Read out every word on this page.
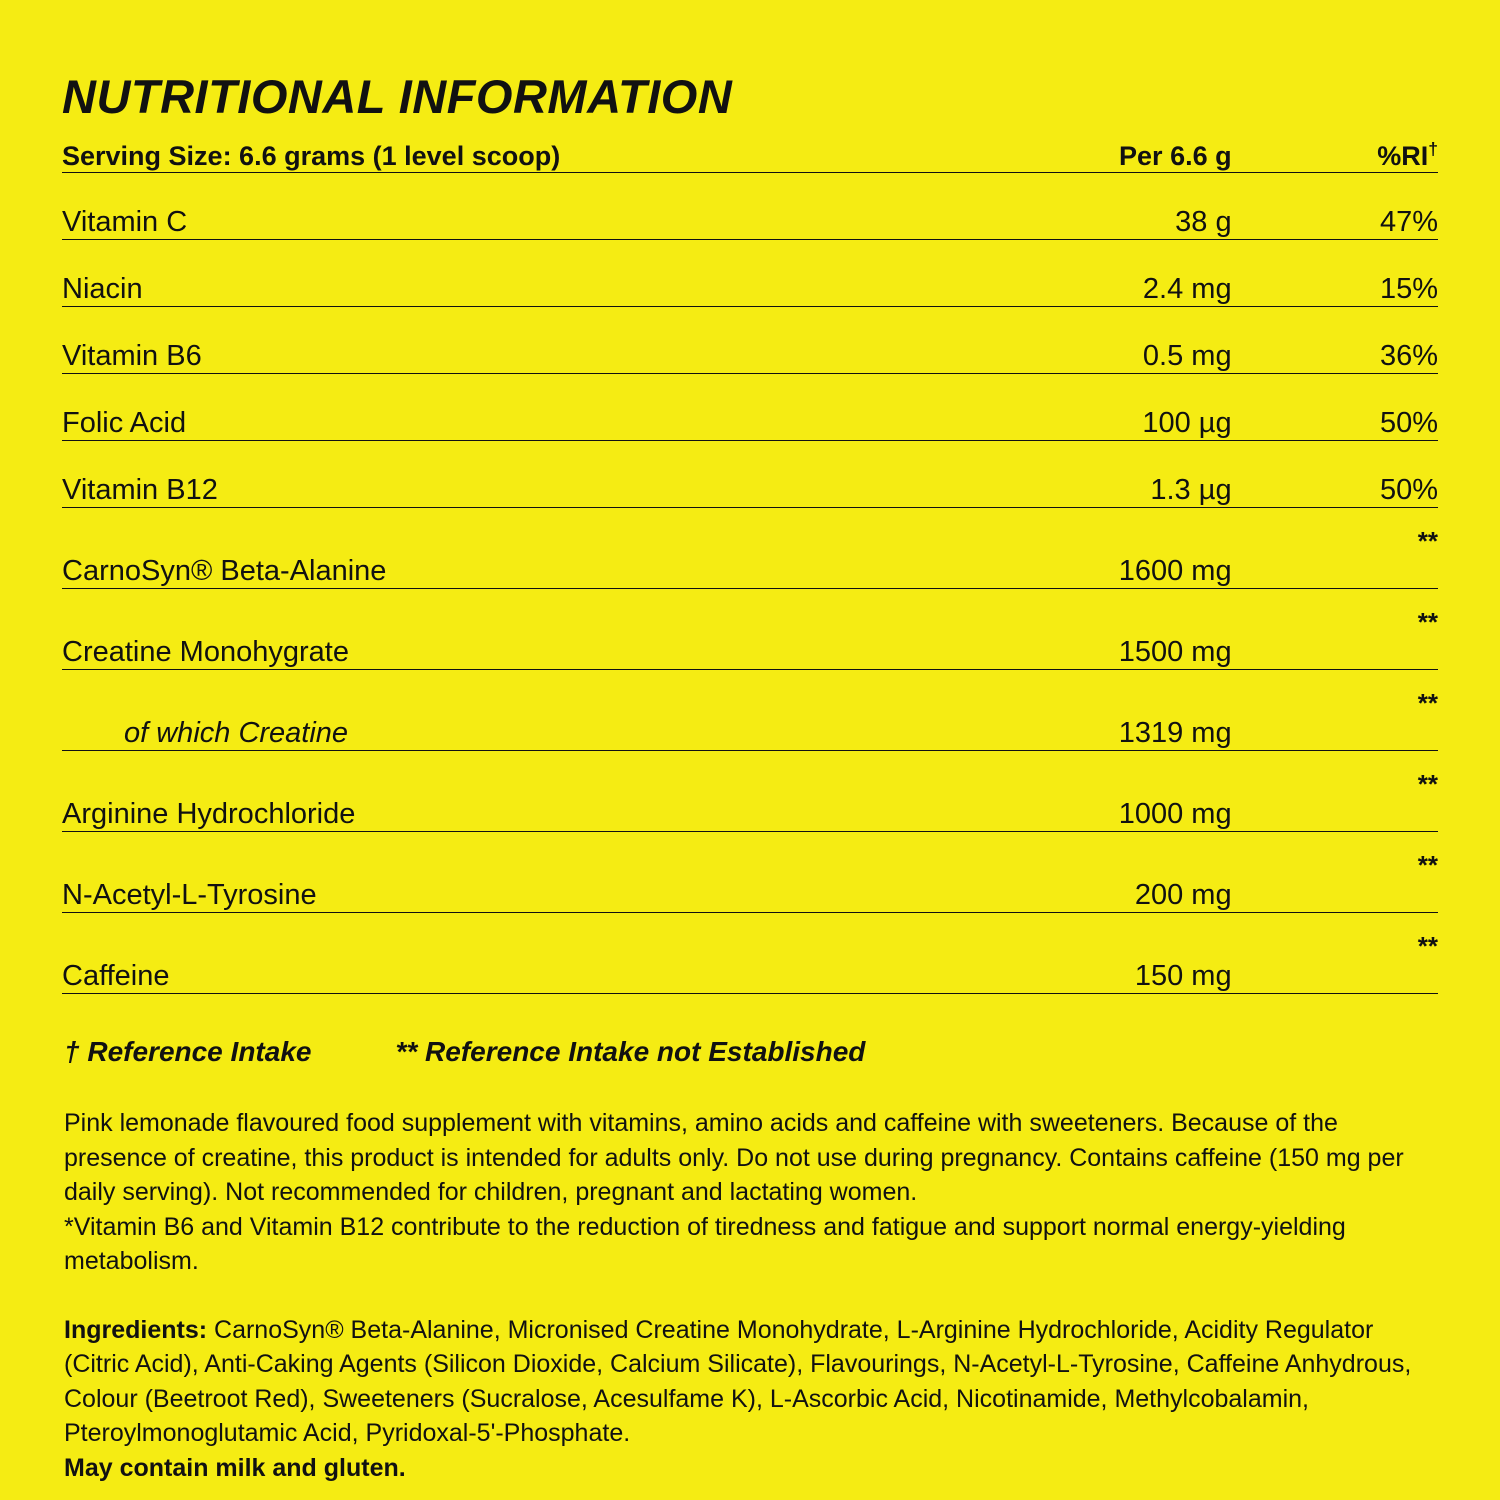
NUTRITIONAL INFORMATION
Serving Size: 6.6 grams (1 level scoop)	Per 6.6 g	%RI†
Vitamin C	38 g	47%
Niacin	2.4 mg	15%
Vitamin B6	0.5 mg	36%
Folic Acid	100 µg	50%
Vitamin B12	1.3 µg	50%
CarnoSyn® Beta-Alanine	1600 mg	**
Creatine Monohygrate	1500 mg	**
of which Creatine	1319 mg	**
Arginine Hydrochloride	1000 mg	**
N-Acetyl-L-Tyrosine	200 mg	**
Caffeine	150 mg	**
† Reference Intake	** Reference Intake not Established

Pink lemonade flavoured food supplement with vitamins, amino acids and caffeine with sweeteners. Because of the presence of creatine, this product is intended for adults only. Do not use during pregnancy. Contains caffeine (150 mg per daily serving). Not recommended for children, pregnant and lactating women.

*Vitamin B6 and Vitamin B12 contribute to the reduction of tiredness and fatigue and support normal energy-yielding metabolism.

Ingredients: CarnoSyn® Beta-Alanine, Micronised Creatine Monohydrate, L-Arginine Hydrochloride, Acidity Regulator (Citric Acid), Anti-Caking Agents (Silicon Dioxide, Calcium Silicate), Flavourings, N-Acetyl-L-Tyrosine, Caffeine Anhydrous, Colour (Beetroot Red), Sweeteners (Sucralose, Acesulfame K), L-Ascorbic Acid, Nicotinamide, Methylcobalamin, Pteroylmonoglutamic Acid, Pyridoxal-5'-Phosphate.
May contain milk and gluten.
